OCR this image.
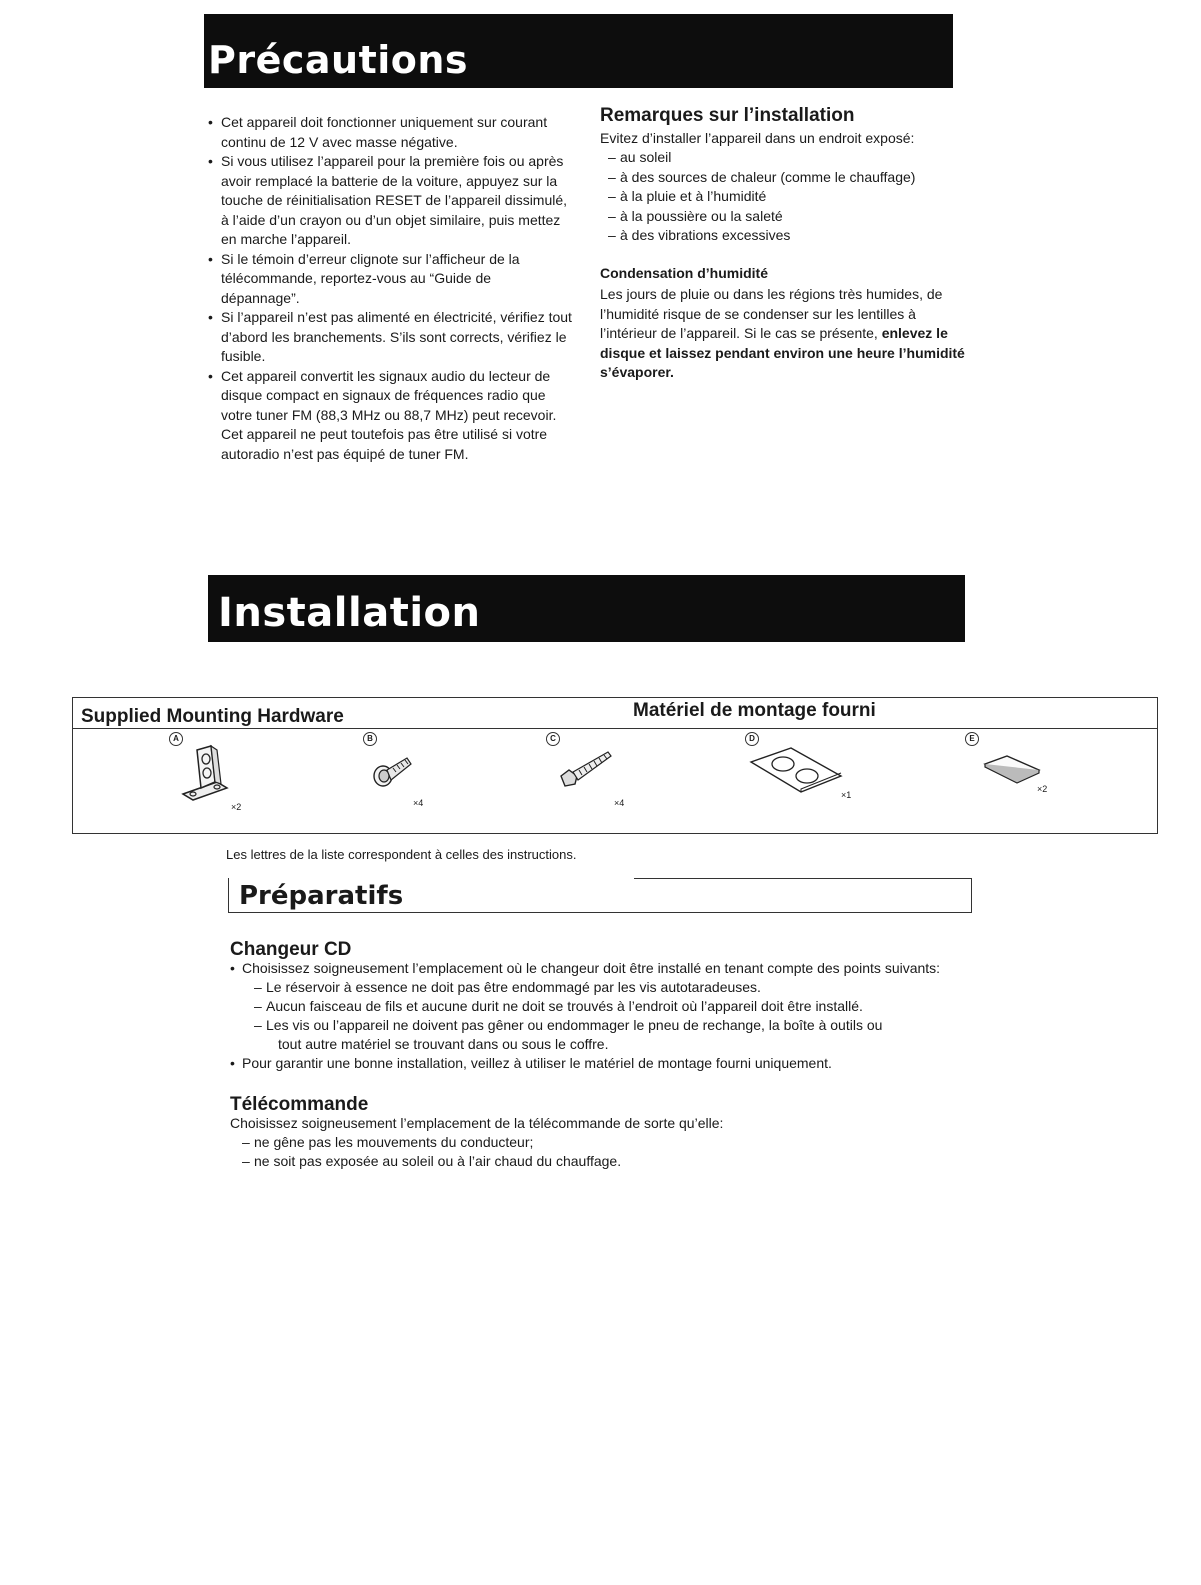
Précautions
• Cet appareil doit fonctionner uniquement sur courant continu de 12 V avec masse négative.
• Si vous utilisez l’appareil pour la première fois ou après avoir remplacé la batterie de la voiture, appuyez sur la touche de réinitialisation RESET de l’appareil dissimulé, à l’aide d’un crayon ou d’un objet similaire, puis mettez en marche l’appareil.
• Si le témoin d’erreur clignote sur l’afficheur de la télécommande, reportez-vous au “Guide de dépannage”.
• Si l’appareil n’est pas alimenté en électricité, vérifiez tout d’abord les branchements. S’ils sont corrects, vérifiez le fusible.
• Cet appareil convertit les signaux audio du lecteur de disque compact en signaux de fréquences radio que votre tuner FM (88,3 MHz ou 88,7 MHz) peut recevoir. Cet appareil ne peut toutefois pas être utilisé si votre autoradio n’est pas équipé de tuner FM.
Remarques sur l’installation

Evitez d’installer l’appareil dans un endroit exposé:

– au soleil
– à des sources de chaleur (comme le chauffage)
– à la pluie et à l’humidité
– à la poussière ou la saleté
– à des vibrations excessives
Condensation d’humidité

Les jours de pluie ou dans les régions très humides, de l’humidité risque de se condenser sur les lentilles à l’intérieur de l’appareil. Si le cas se présente, enlevez le disque et laissez pendant environ une heure l’humidité s’évaporer.

Installation
Supplied Mounting Hardware	Matériel de montage fourni
A
×2
B
×4
C
×4
D
×1
E
×2
Les lettres de la liste correspondent à celles des instructions.
Préparatifs
Changeur CD
• Choisissez soigneusement l’emplacement où le changeur doit être installé en tenant compte des points suivants:
– Le réservoir à essence ne doit pas être endommagé par les vis autotaradeuses.
– Aucun faisceau de fils et aucune durit ne doit se trouvés à l’endroit où l’appareil doit être installé.
– Les vis ou l’appareil ne doivent pas gêner ou endommager le pneu de rechange, la boîte à outils ou
tout autre matériel se trouvant dans ou sous le coffre.
• Pour garantir une bonne installation, veillez à utiliser le matériel de montage fourni uniquement.
Télécommande

Choisissez soigneusement l’emplacement de la télécommande de sorte qu’elle:

– ne gêne pas les mouvements du conducteur;
– ne soit pas exposée au soleil ou à l’air chaud du chauffage.
